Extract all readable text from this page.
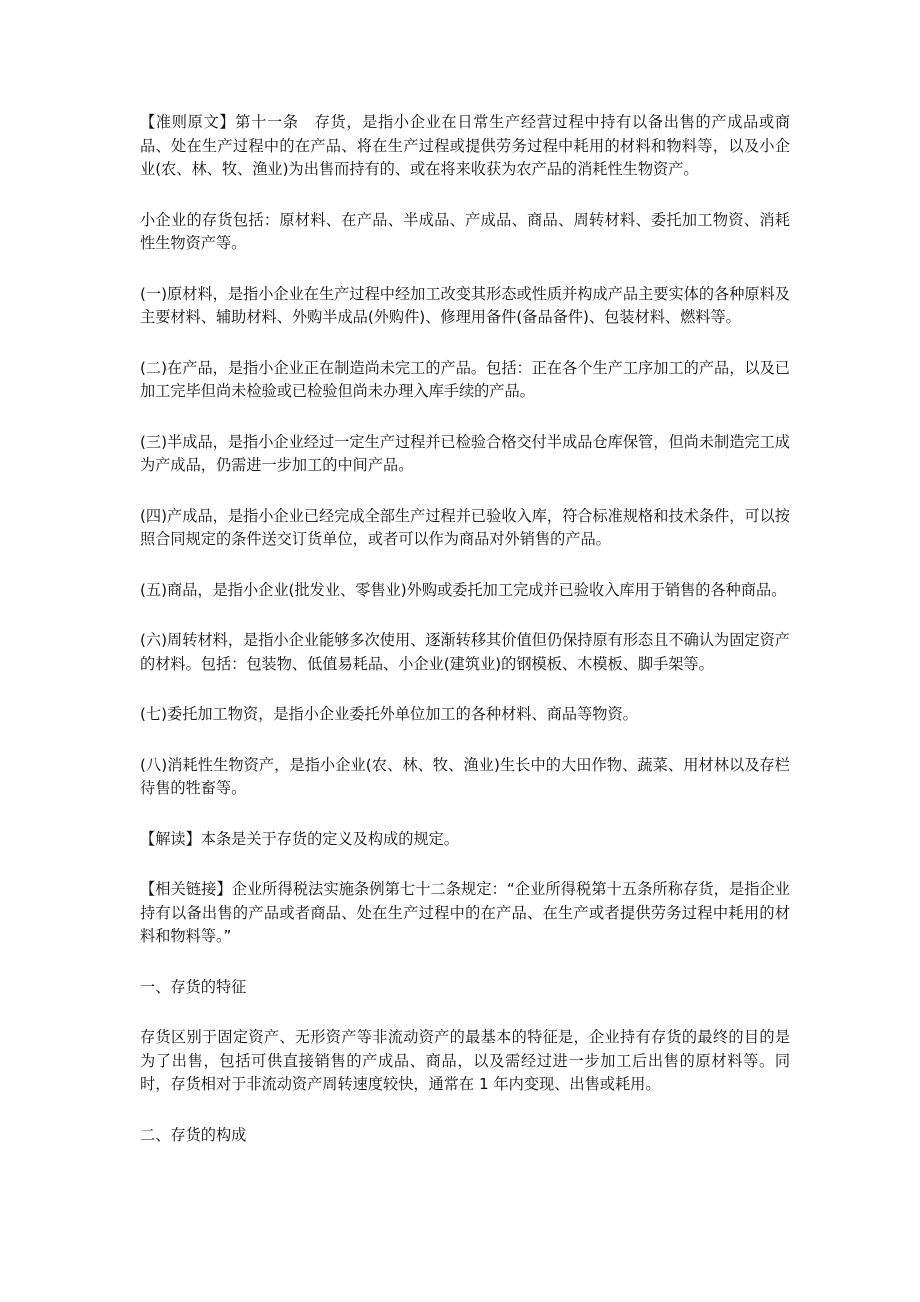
【准则原文】第十一条　存货，是指小企业在日常生产经营过程中持有以备出售的产成品或商品、处在生产过程中的在产品、将在生产过程或提供劳务过程中耗用的材料和物料等，以及小企业(农、林、牧、渔业)为出售而持有的、或在将来收获为农产品的消耗性生物资产。

小企业的存货包括：原材料、在产品、半成品、产成品、商品、周转材料、委托加工物资、消耗性生物资产等。

(一)原材料，是指小企业在生产过程中经加工改变其形态或性质并构成产品主要实体的各种原料及主要材料、辅助材料、外购半成品(外购件)、修理用备件(备品备件)、包装材料、燃料等。

(二)在产品，是指小企业正在制造尚未完工的产品。包括：正在各个生产工序加工的产品，以及已加工完毕但尚未检验或已检验但尚未办理入库手续的产品。

(三)半成品，是指小企业经过一定生产过程并已检验合格交付半成品仓库保管，但尚未制造完工成为产成品，仍需进一步加工的中间产品。

(四)产成品，是指小企业已经完成全部生产过程并已验收入库，符合标准规格和技术条件，可以按照合同规定的条件送交订货单位，或者可以作为商品对外销售的产品。

(五)商品，是指小企业(批发业、零售业)外购或委托加工完成并已验收入库用于销售的各种商品。

(六)周转材料，是指小企业能够多次使用、逐渐转移其价值但仍保持原有形态且不确认为固定资产的材料。包括：包装物、低值易耗品、小企业(建筑业)的钢模板、木模板、脚手架等。

(七)委托加工物资，是指小企业委托外单位加工的各种材料、商品等物资。

(八)消耗性生物资产，是指小企业(农、林、牧、渔业)生长中的大田作物、蔬菜、用材林以及存栏待售的牲畜等。

【解读】本条是关于存货的定义及构成的规定。

【相关链接】企业所得税法实施条例第七十二条规定：“企业所得税第十五条所称存货，是指企业持有以备出售的产品或者商品、处在生产过程中的在产品、在生产或者提供劳务过程中耗用的材料和物料等。”

一、存货的特征

存货区别于固定资产、无形资产等非流动资产的最基本的特征是，企业持有存货的最终的目的是为了出售，包括可供直接销售的产成品、商品，以及需经过进一步加工后出售的原材料等。同时，存货相对于非流动资产周转速度较快，通常在 1 年内变现、出售或耗用。

二、存货的构成
